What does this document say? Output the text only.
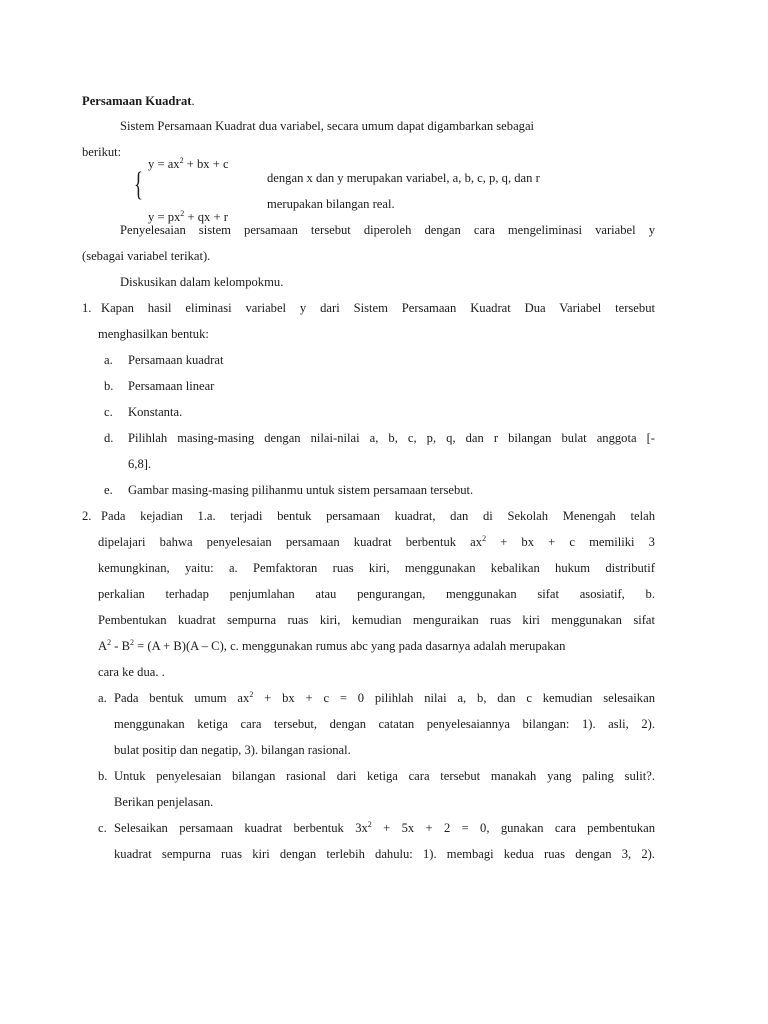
Persamaan Kuadrat.
Sistem Persamaan Kuadrat dua variabel, secara umum dapat digambarkan sebagai
berikut:
$y = ax^2$ + bx + c
{
$y = px^2$ + qx + r
dengan x dan y merupakan variabel, a, b, c, p, q, dan r
merupakan bilangan real.
Penyelesaian sistem persamaan tersebut diperoleh dengan cara mengeliminasi variabel y
(sebagai variabel terikat).
Diskusikan dalam kelompokmu.
1. Kapan hasil eliminasi variabel y dari Sistem Persamaan Kuadrat Dua Variabel tersebut
menghasilkan bentuk:
a. Persamaan kuadrat
b. Persamaan linear
c. Konstanta.
d. Pilihlah masing-masing dengan nilai-nilai a, b, c, p, q, dan r bilangan bulat anggota [-
6,8].
e. Gambar masing-masing pilihanmu untuk sistem persamaan tersebut.
2. Pada kejadian 1.a. terjadi bentuk persamaan kuadrat, dan di Sekolah Menengah telah
dipelajari bahwa penyelesaian persamaan kuadrat berbentuk $ax^2$ + bx + c memiliki 3
kemungkinan, yaitu: a. Pemfaktoran ruas kiri, menggunakan kebalikan hukum distributif
perkalian terhadap penjumlahan atau pengurangan, menggunakan sifat asosiatif, b.
Pembentukan kuadrat sempurna ruas kiri, kemudian menguraikan ruas kiri menggunakan sifat
$A^2 - B^2 = (A + B)(A - C)$, c. menggunakan rumus abc yang pada dasarnya adalah merupakan
cara ke dua. .
a. Pada bentuk umum $ax^2$ + bx + c = 0 pilihlah nilai a, b, dan c kemudian selesaikan
menggunakan ketiga cara tersebut, dengan catatan penyelesaiannya bilangan: 1). asli, 2).
bulat positip dan negatip, 3). bilangan rasional.
b. Untuk penyelesaian bilangan rasional dari ketiga cara tersebut manakah yang paling sulit?.
Berikan penjelasan.
c. Selesaikan persamaan kuadrat berbentuk $3x^2 + 5x + 2 = 0$, gunakan cara pembentukan
kuadrat sempurna ruas kiri dengan terlebih dahulu: 1). membagi kedua ruas dengan 3, 2).
